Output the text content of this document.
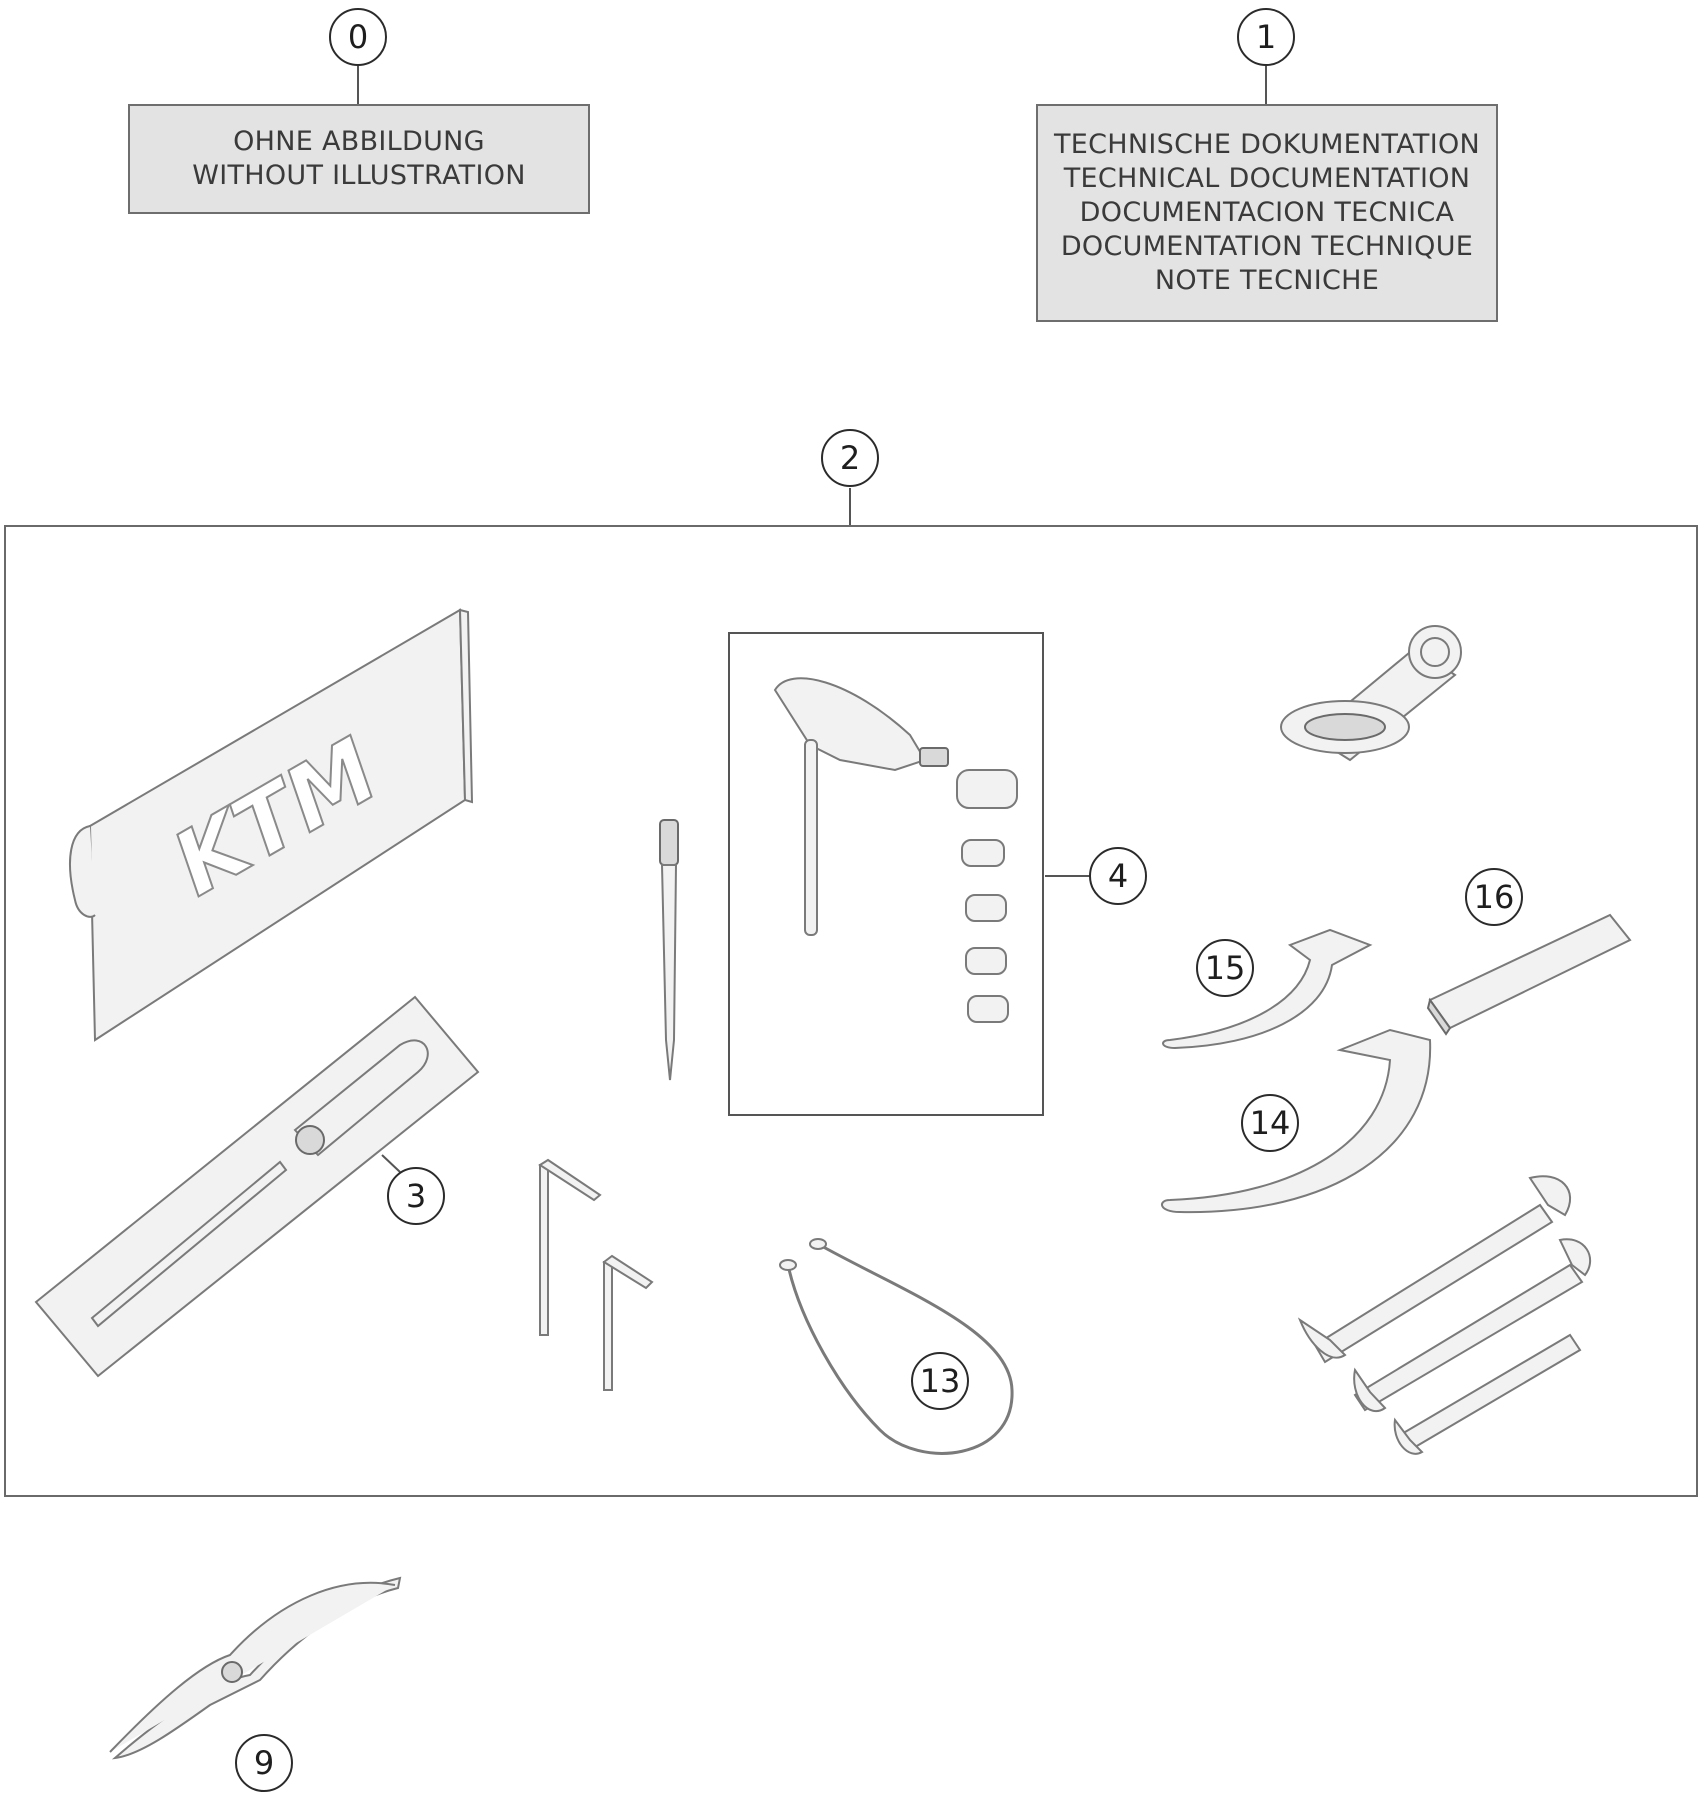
KTM
OHNE ABBILDUNG
WITHOUT ILLUSTRATION
TECHNISCHE DOKUMENTATION
TECHNICAL DOCUMENTATION
DOCUMENTACION TECNICA
DOCUMENTATION TECHNIQUE
NOTE TECNICHE
0	1
2
3
4
13
14
15
16
9
